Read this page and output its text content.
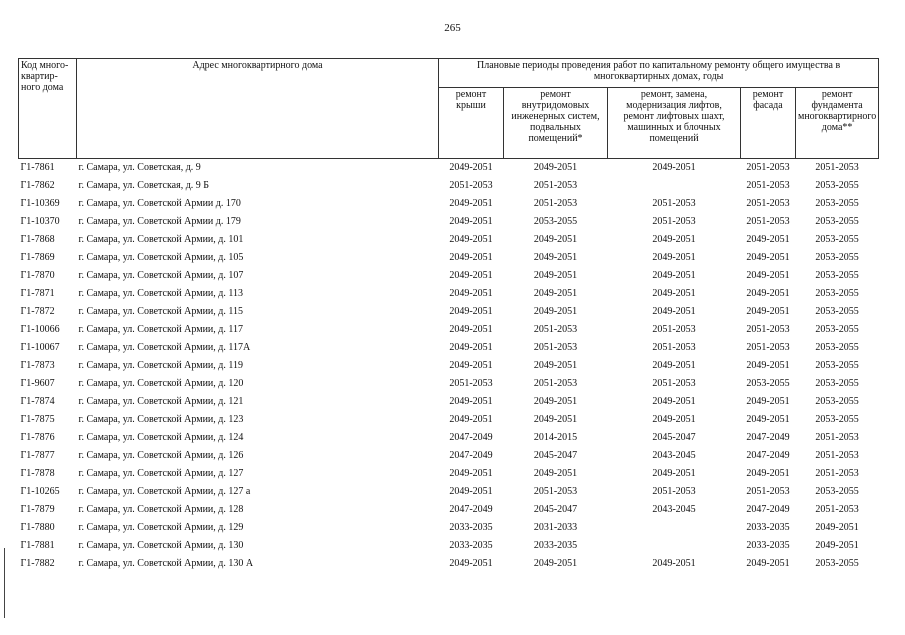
265
Код много-квартир-ного дома	Адрес многоквартирного дома	Плановые периоды проведения работ по капитальному ремонту общего имущества в многоквартирных домах, годы				
		ремонт крыши	ремонт внутридомовых инженерных систем, подвальных помещений*	ремонт, замена, модернизация лифтов, ремонт лифтовых шахт, машинных и блочных помещений	ремонт фасада	ремонт фундамента многоквартирного дома**
Г1-7861	г. Самара, ул. Советская, д. 9	2049-2051	2049-2051	2049-2051	2051-2053	2051-2053
Г1-7862	г. Самара, ул. Советская, д. 9 Б	2051-2053	2051-2053		2051-2053	2053-2055
Г1-10369	г. Самара, ул. Советской Армии д. 170	2049-2051	2051-2053	2051-2053	2051-2053	2053-2055
Г1-10370	г. Самара, ул. Советской Армии д. 179	2049-2051	2053-2055	2051-2053	2051-2053	2053-2055
Г1-7868	г. Самара, ул. Советской Армии, д. 101	2049-2051	2049-2051	2049-2051	2049-2051	2053-2055
Г1-7869	г. Самара, ул. Советской Армии, д. 105	2049-2051	2049-2051	2049-2051	2049-2051	2053-2055
Г1-7870	г. Самара, ул. Советской Армии, д. 107	2049-2051	2049-2051	2049-2051	2049-2051	2053-2055
Г1-7871	г. Самара, ул. Советской Армии, д. 113	2049-2051	2049-2051	2049-2051	2049-2051	2053-2055
Г1-7872	г. Самара, ул. Советской Армии, д. 115	2049-2051	2049-2051	2049-2051	2049-2051	2053-2055
Г1-10066	г. Самара, ул. Советской Армии, д. 117	2049-2051	2051-2053	2051-2053	2051-2053	2053-2055
Г1-10067	г. Самара, ул. Советской Армии, д. 117А	2049-2051	2051-2053	2051-2053	2051-2053	2053-2055
Г1-7873	г. Самара, ул. Советской Армии, д. 119	2049-2051	2049-2051	2049-2051	2049-2051	2053-2055
Г1-9607	г. Самара, ул. Советской Армии, д. 120	2051-2053	2051-2053	2051-2053	2053-2055	2053-2055
Г1-7874	г. Самара, ул. Советской Армии, д. 121	2049-2051	2049-2051	2049-2051	2049-2051	2053-2055
Г1-7875	г. Самара, ул. Советской Армии, д. 123	2049-2051	2049-2051	2049-2051	2049-2051	2053-2055
Г1-7876	г. Самара, ул. Советской Армии, д. 124	2047-2049	2014-2015	2045-2047	2047-2049	2051-2053
Г1-7877	г. Самара, ул. Советской Армии, д. 126	2047-2049	2045-2047	2043-2045	2047-2049	2051-2053
Г1-7878	г. Самара, ул. Советской Армии, д. 127	2049-2051	2049-2051	2049-2051	2049-2051	2051-2053
Г1-10265	г. Самара, ул. Советской Армии, д. 127 а	2049-2051	2051-2053	2051-2053	2051-2053	2053-2055
Г1-7879	г. Самара, ул. Советской Армии, д. 128	2047-2049	2045-2047	2043-2045	2047-2049	2051-2053
Г1-7880	г. Самара, ул. Советской Армии, д. 129	2033-2035	2031-2033		2033-2035	2049-2051
Г1-7881	г. Самара, ул. Советской Армии, д. 130	2033-2035	2033-2035		2033-2035	2049-2051
Г1-7882	г. Самара, ул. Советской Армии, д. 130 А	2049-2051	2049-2051	2049-2051	2049-2051	2053-2055
